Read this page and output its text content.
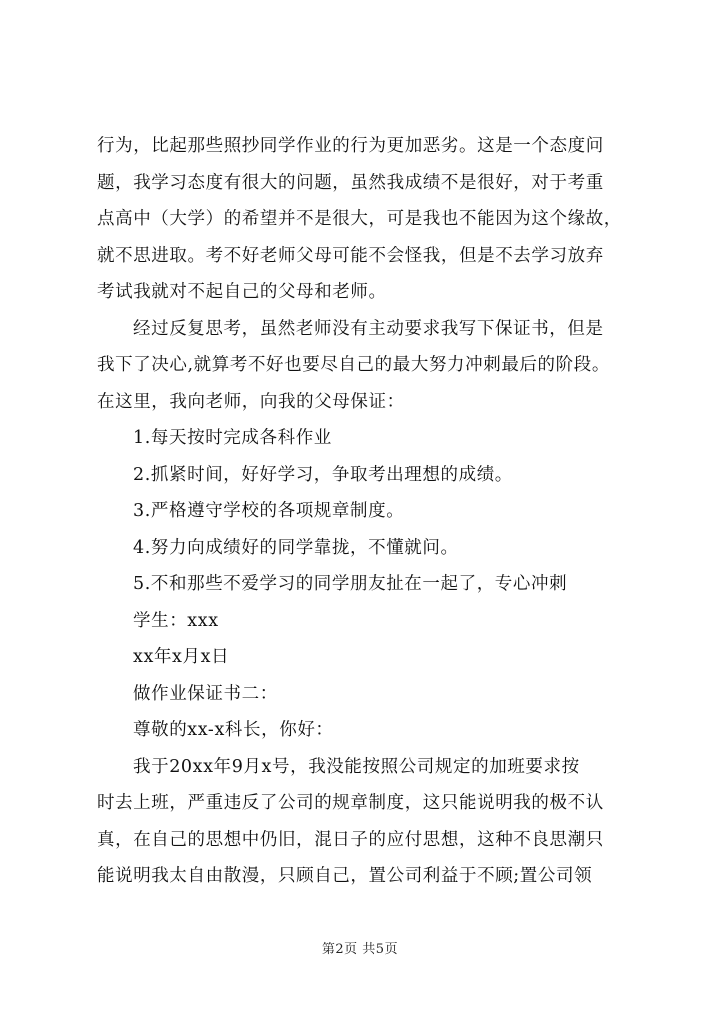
行为，比起那些照抄同学作业的行为更加恶劣。这是一个态度问
题，我学习态度有很大的问题，虽然我成绩不是很好，对于考重
点高中（大学）的希望并不是很大，可是我也不能因为这个缘故，
就不思进取。考不好老师父母可能不会怪我，但是不去学习放弃
考试我就对不起自己的父母和老师。
经过反复思考，虽然老师没有主动要求我写下保证书，但是
我下了决心,就算考不好也要尽自己的最大努力冲刺最后的阶段。
在这里，我向老师，向我的父母保证：
1.每天按时完成各科作业
2.抓紧时间，好好学习，争取考出理想的成绩。
3.严格遵守学校的各项规章制度。
4.努力向成绩好的同学靠拢，不懂就问。
5.不和那些不爱学习的同学朋友扯在一起了，专心冲刺
学生：xxx
xx年x月x日
做作业保证书二：
尊敬的xx-x科长，你好：
我于20xx年9月x号，我没能按照公司规定的加班要求按
时去上班，严重违反了公司的规章制度，这只能说明我的极不认
真，在自己的思想中仍旧，混日子的应付思想，这种不良思潮只
能说明我太自由散漫，只顾自己，置公司利益于不顾;置公司领
第2页 共5页
